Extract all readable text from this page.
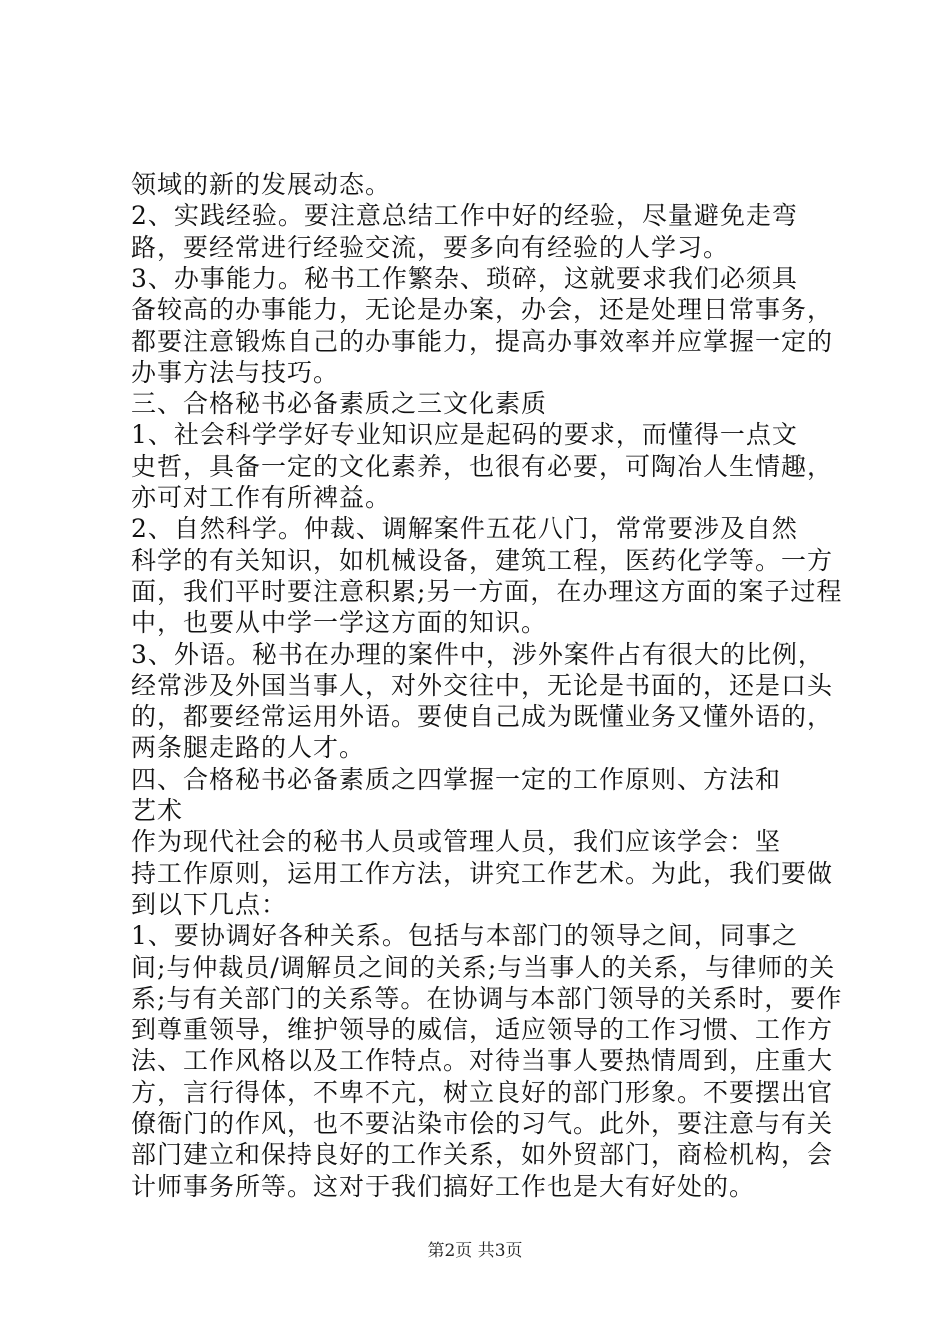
领域的新的发展动态。
2、实践经验。要注意总结工作中好的经验，尽量避免走弯
路，要经常进行经验交流，要多向有经验的人学习。
3、办事能力。秘书工作繁杂、琐碎，这就要求我们必须具
备较高的办事能力，无论是办案，办会，还是处理日常事务，
都要注意锻炼自己的办事能力，提高办事效率并应掌握一定的
办事方法与技巧。
三、合格秘书必备素质之三文化素质
1、社会科学学好专业知识应是起码的要求，而懂得一点文
史哲，具备一定的文化素养，也很有必要，可陶冶人生情趣，
亦可对工作有所裨益。
2、自然科学。仲裁、调解案件五花八门，常常要涉及自然
科学的有关知识，如机械设备，建筑工程，医药化学等。一方
面，我们平时要注意积累;另一方面，在办理这方面的案子过程
中，也要从中学一学这方面的知识。
3、外语。秘书在办理的案件中，涉外案件占有很大的比例，
经常涉及外国当事人，对外交往中，无论是书面的，还是口头
的，都要经常运用外语。要使自己成为既懂业务又懂外语的，
两条腿走路的人才。
四、合格秘书必备素质之四掌握一定的工作原则、方法和
艺术
作为现代社会的秘书人员或管理人员，我们应该学会：坚
持工作原则，运用工作方法，讲究工作艺术。为此，我们要做
到以下几点：
1、要协调好各种关系。包括与本部门的领导之间，同事之
间;与仲裁员/调解员之间的关系;与当事人的关系，与律师的关
系;与有关部门的关系等。在协调与本部门领导的关系时，要作
到尊重领导，维护领导的威信，适应领导的工作习惯、工作方
法、工作风格以及工作特点。对待当事人要热情周到，庄重大
方，言行得体，不卑不亢，树立良好的部门形象。不要摆出官
僚衙门的作风，也不要沾染市侩的习气。此外，要注意与有关
部门建立和保持良好的工作关系，如外贸部门，商检机构，会
计师事务所等。这对于我们搞好工作也是大有好处的。
第2页 共3页
